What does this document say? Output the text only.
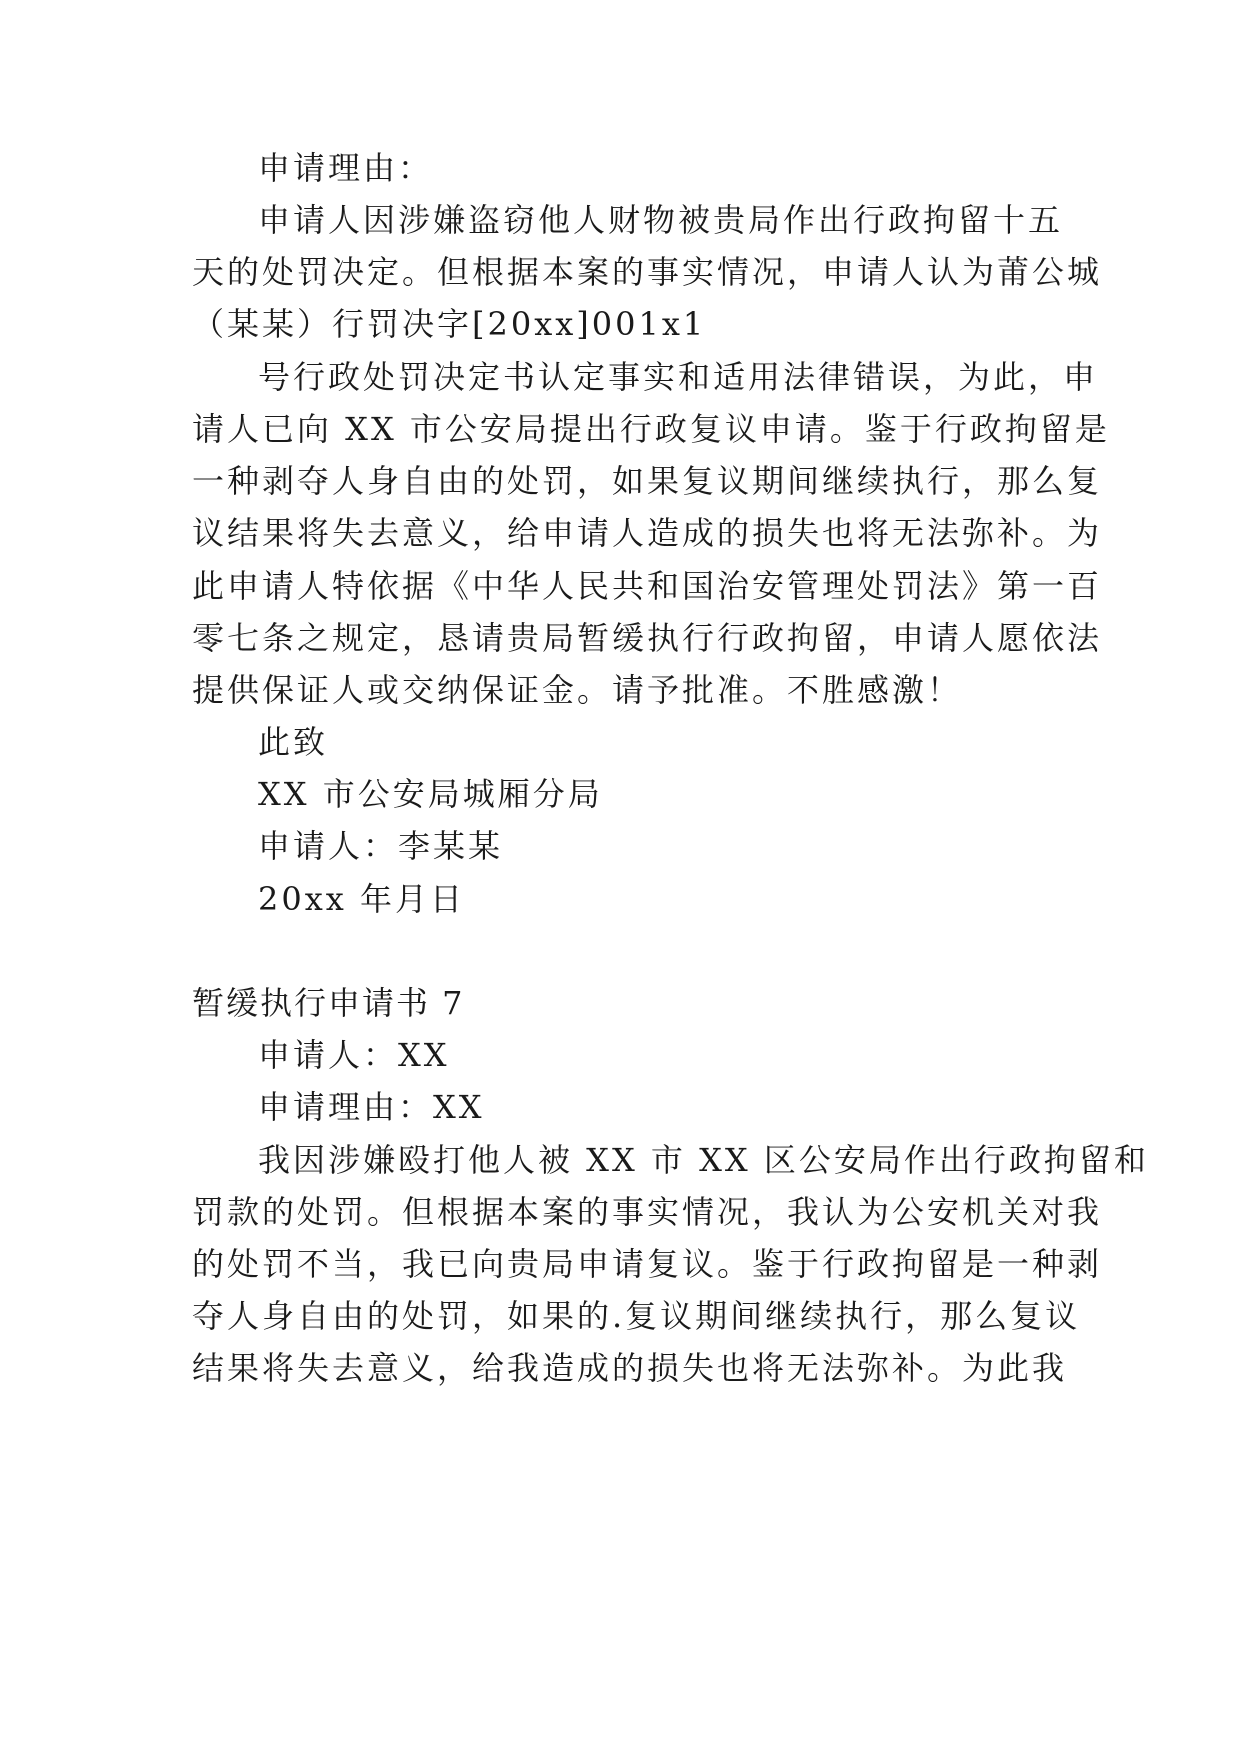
申请理由：
申请人因涉嫌盗窃他人财物被贵局作出行政拘留十五
天的处罚决定。但根据本案的事实情况，申请人认为莆公城
（某某）行罚决字[20xx]001x1
号行政处罚决定书认定事实和适用法律错误，为此，申
请人已向 XX 市公安局提出行政复议申请。鉴于行政拘留是
一种剥夺人身自由的处罚，如果复议期间继续执行，那么复
议结果将失去意义，给申请人造成的损失也将无法弥补。为
此申请人特依据《中华人民共和国治安管理处罚法》第一百
零七条之规定，恳请贵局暂缓执行行政拘留，申请人愿依法
提供保证人或交纳保证金。请予批准。不胜感激！
此致
XX 市公安局城厢分局
申请人：李某某
20xx 年月日
暂缓执行申请书 7
申请人：XX
申请理由：XX
我因涉嫌殴打他人被 XX 市 XX 区公安局作出行政拘留和
罚款的处罚。但根据本案的事实情况，我认为公安机关对我
的处罚不当，我已向贵局申请复议。鉴于行政拘留是一种剥
夺人身自由的处罚，如果的.复议期间继续执行，那么复议
结果将失去意义，给我造成的损失也将无法弥补。为此我
